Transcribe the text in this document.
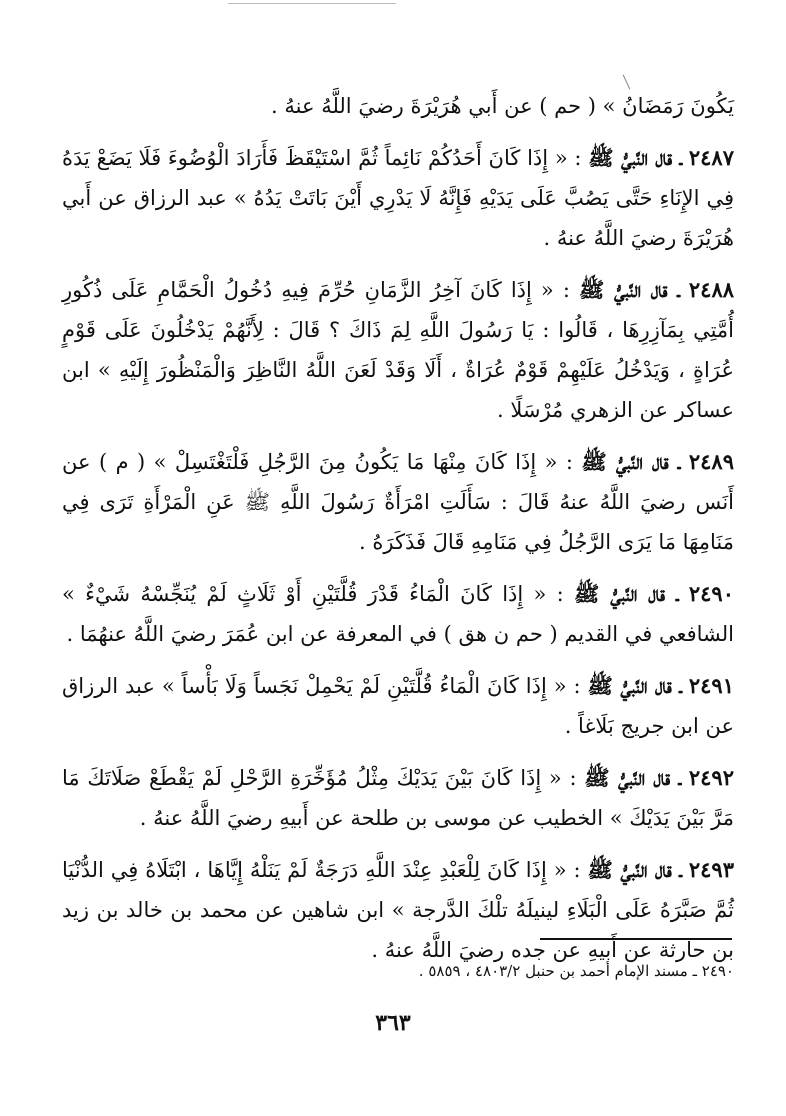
يَكُونَ رَمَضَانُ » ( حم ) عن أَبي هُرَيْرَةَ رضيَ اللَّهُ عنهُ .

٢٤٨٧ ـ قال النَّبيُّ ﷺ : « إِذَا كَانَ أَحَدُكُمْ نَائِماً ثُمَّ اسْتَيْقَظَ فَأَرَادَ الْوُضُوءَ فَلَا يَضَعْ يَدَهُ فِي الإِنَاءِ حَتَّى يَصُبَّ عَلَى يَدَيْهِ فَإِنَّهُ لَا يَدْرِي أَيْنَ بَاتَتْ يَدُهُ » عبد الرزاق عن أَبي هُرَيْرَةَ رضيَ اللَّهُ عنهُ .

٢٤٨٨ ـ قال النَّبيُّ ﷺ : « إِذَا كَانَ آخِرُ الزَّمَانِ حُرِّمَ فِيهِ دُخُولُ الْحَمَّامِ عَلَى ذُكُورِ أُمَّتِي بِمَآزِرِهَا ، قَالُوا : يَا رَسُولَ اللَّهِ لِمَ ذَاكَ ؟ قَالَ : لِأَنَّهُمْ يَدْخُلُونَ عَلَى قَوْمٍ عُرَاةٍ ، وَيَدْخُلُ عَلَيْهِمْ قَوْمٌ عُرَاةٌ ، أَلَا وَقَدْ لَعَنَ اللَّهُ النَّاظِرَ وَالْمَنْظُورَ إِلَيْهِ » ابن عساكر عن الزهري مُرْسَلًا .

٢٤٨٩ ـ قال النَّبيُّ ﷺ : « إِذَا كَانَ مِنْهَا مَا يَكُونُ مِنَ الرَّجُلِ فَلْتَغْتَسِلْ » ( م ) عن أَنَس رضيَ اللَّهُ عنهُ قَالَ : سَأَلَتِ امْرَأَةٌ رَسُولَ اللَّهِ ﷺ عَنِ الْمَرْأَةِ تَرَى فِي مَنَامِهَا مَا يَرَى الرَّجُلُ فِي مَنَامِهِ قَالَ فَذَكَرَهُ .

٢٤٩٠ ـ قال النَّبيُّ ﷺ : « إِذَا كَانَ الْمَاءُ قَدْرَ قُلَّتَيْنِ أَوْ ثَلَاثٍ لَمْ يُنَجِّسْهُ شَيْءٌ » الشافعي في القديم ( حم ن هق ) في المعرفة عن ابن عُمَرَ رضيَ اللَّهُ عنهُمَا .

٢٤٩١ ـ قال النَّبيُّ ﷺ : « إِذَا كَانَ الْمَاءُ قُلَّتَيْنِ لَمْ يَحْمِلْ نَجَساً وَلَا بَأْساً » عبد الرزاق عن ابن جريج بَلَاغاً .

٢٤٩٢ ـ قال النَّبيُّ ﷺ : « إِذَا كَانَ بَيْنَ يَدَيْكَ مِثْلُ مُؤَخِّرَةِ الرَّحْلِ لَمْ يَقْطَعْ صَلَاتَكَ مَا مَرَّ بَيْنَ يَدَيْكَ » الخطيب عن موسى بن طلحة عن أَبيهِ رضيَ اللَّهُ عنهُ .

٢٤٩٣ ـ قال النَّبيُّ ﷺ : « إِذَا كَانَ لِلْعَبْدِ عِنْدَ اللَّهِ دَرَجَةٌ لَمْ يَنَلْهُ إِيَّاهَا ، ابْتَلَاهُ فِي الدُّنْيَا ثُمَّ صَبَّرَهُ عَلَى الْبَلَاءِ لينيلَهُ تلْكَ الدَّرجة » ابن شاهين عن محمد بن خالد بن زيد بن حارثة عن أَبيهِ عن جده رضيَ اللَّهُ عنهُ .

٢٤٩٠ ـ مسند الإمام أحمد بن حنبل ٤٨٠٣/٢ ، ٥٨٥٩ .
٣٦٣
